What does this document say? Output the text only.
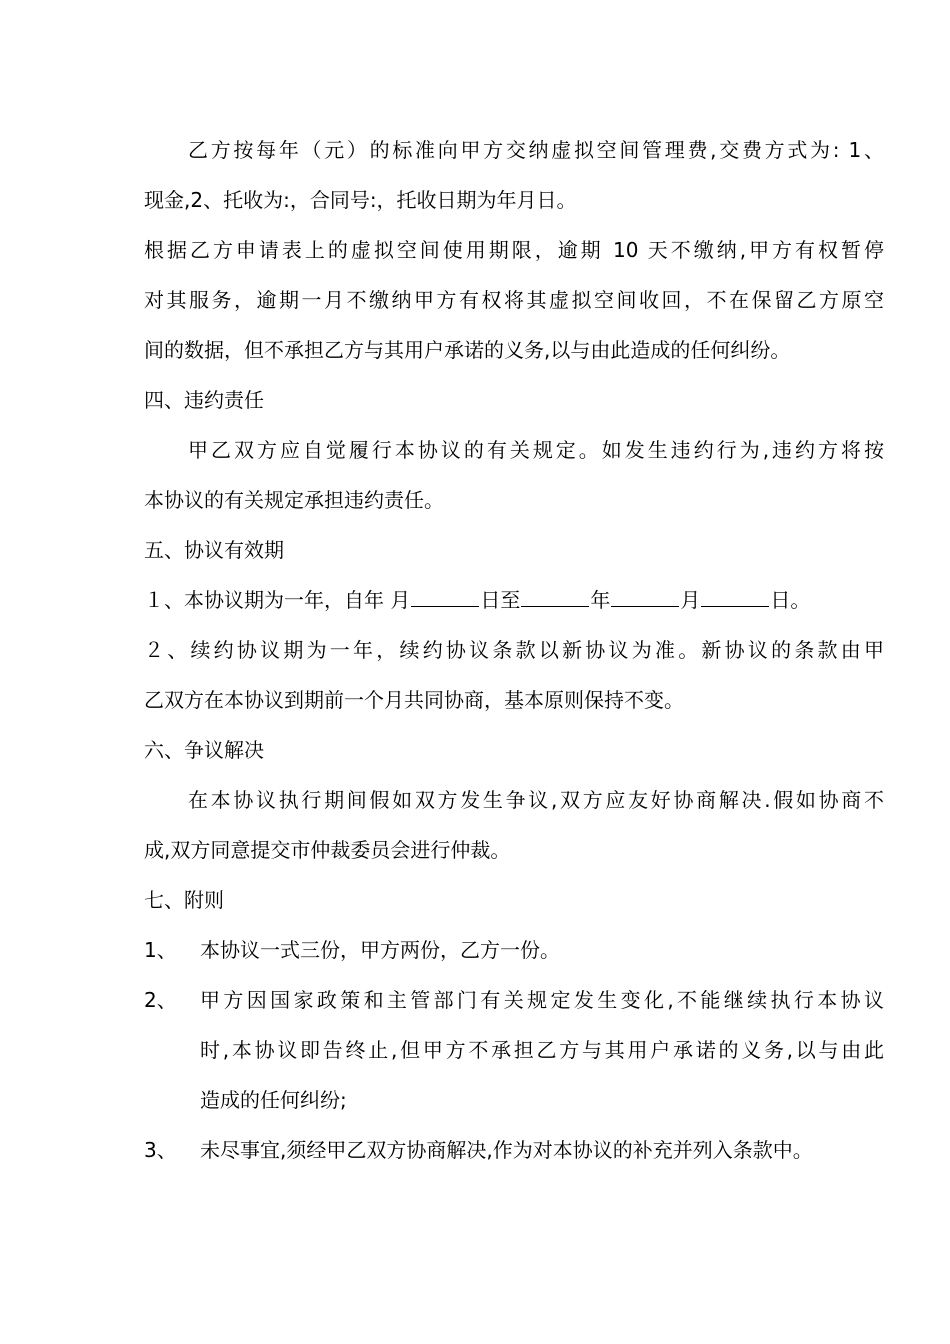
乙方按每年（元）的标准向甲方交纳虚拟空间管理费,交费方式为: 1、
现金,2、托收为:，合同号:，托收日期为年月日。
根据乙方申请表上的虚拟空间使用期限，逾期 10 天不缴纳,甲方有权暂停
对其服务，逾期一月不缴纳甲方有权将其虚拟空间收回，不在保留乙方原空
间的数据，但不承担乙方与其用户承诺的义务,以与由此造成的任何纠纷。
四、违约责任
甲乙双方应自觉履行本协议的有关规定。如发生违约行为,违约方将按
本协议的有关规定承担违约责任。
五、协议有效期
１、本协议期为一年，自年 月	日至	年	月	日。
２、续约协议期为一年，续约协议条款以新协议为准。新协议的条款由甲
乙双方在本协议到期前一个月共同协商，基本原则保持不变。
六、争议解决
在本协议执行期间假如双方发生争议,双方应友好协商解决.假如协商不
成,双方同意提交市仲裁委员会进行仲裁。
七、附则
1、	本协议一式三份，甲方两份，乙方一份。
2、	甲方因国家政策和主管部门有关规定发生变化,不能继续执行本协议
时,本协议即告终止,但甲方不承担乙方与其用户承诺的义务,以与由此
造成的任何纠纷;
3、	未尽事宜,须经甲乙双方协商解决,作为对本协议的补充并列入条款中。
